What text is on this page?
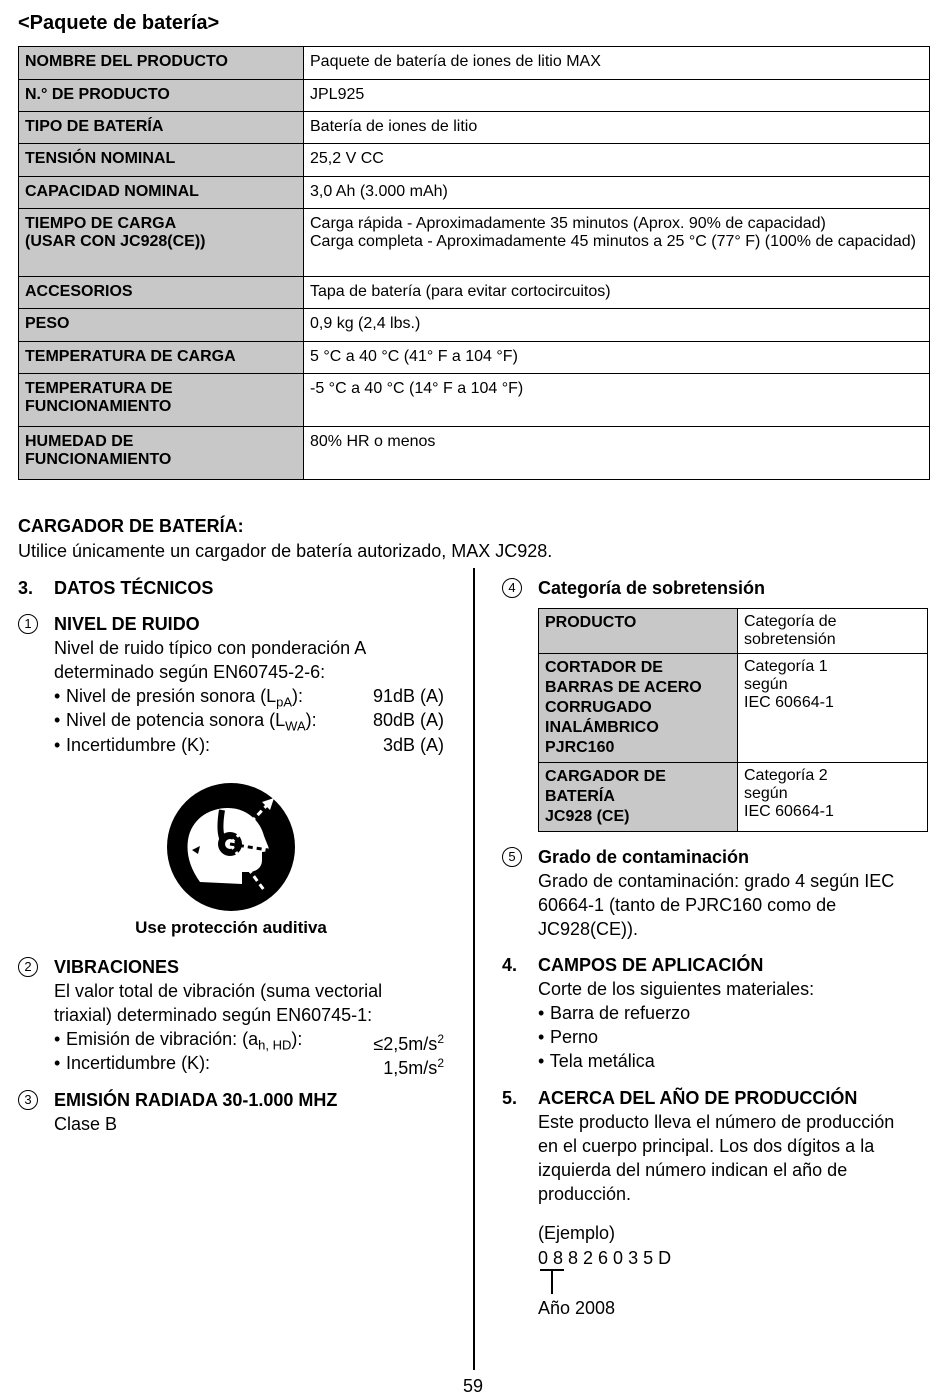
<Paquete de batería>
NOMBRE DEL PRODUCTO	Paquete de batería de iones de litio MAX
N.° DE PRODUCTO	JPL925
TIPO DE BATERÍA	Batería de iones de litio
TENSIÓN NOMINAL	25,2 V CC
CAPACIDAD NOMINAL	3,0 Ah (3.000 mAh)
TIEMPO DE CARGA
(USAR CON JC928(CE))	Carga rápida - Aproximadamente 35 minutos (Aprox. 90% de capacidad)
Carga completa - Aproximadamente 45 minutos a 25 °C (77° F) (100% de capacidad)
ACCESORIOS	Tapa de batería (para evitar cortocircuitos)
PESO	0,9 kg (2,4 lbs.)
TEMPERATURA DE CARGA	5 °C a 40 °C (41° F a 104 °F)
TEMPERATURA DE
FUNCIONAMIENTO	-5 °C a 40 °C (14° F a 104 °F)
HUMEDAD DE
FUNCIONAMIENTO	80% HR o menos
CARGADOR DE BATERÍA:
Utilice únicamente un cargador de batería autorizado, MAX JC928.
3. DATOS TÉCNICOS
1	NIVEL DE RUIDO
Nivel de ruido típico con ponderación A
determinado según EN60745-2-6:
• Nivel de presión sonora $(L_{pA})$:	91dB (A)
• Nivel de potencia sonora $(L_{WA})$:	80dB (A)
• Incertidumbre (K):	3dB (A)
Use protección auditiva
2	VIBRACIONES
El valor total de vibración (suma vectorial
triaxial) determinado según EN60745-1:
• Emisión de vibración: $(a_{h, HD})$:	$\le 2,5m/s^2$
• Incertidumbre (K):	$1,5m/s^2$
3	EMISIÓN RADIADA 30-1.000 MHZ
Clase B
4	Categoría de sobretensión
PRODUCTO	Categoría de
sobretensión
CORTADOR DE
BARRAS DE ACERO
CORRUGADO
INALÁMBRICO
PJRC160	Categoría 1
según
IEC 60664-1
CARGADOR DE
BATERÍA
JC928 (CE)	Categoría 2
según
IEC 60664-1
5	Grado de contaminación
Grado de contaminación: grado 4 según IEC
60664-1 (tanto de PJRC160 como de
JC928(CE)).
4. CAMPOS DE APLICACIÓN
Corte de los siguientes materiales:
• Barra de refuerzo
• Perno
• Tela metálica
5. ACERCA DEL AÑO DE PRODUCCIÓN
Este producto lleva el número de producción
en el cuerpo principal. Los dos dígitos a la
izquierda del número indican el año de
producción.
(Ejemplo)
0 8 8 2 6 0 3 5 D
Año 2008
59
